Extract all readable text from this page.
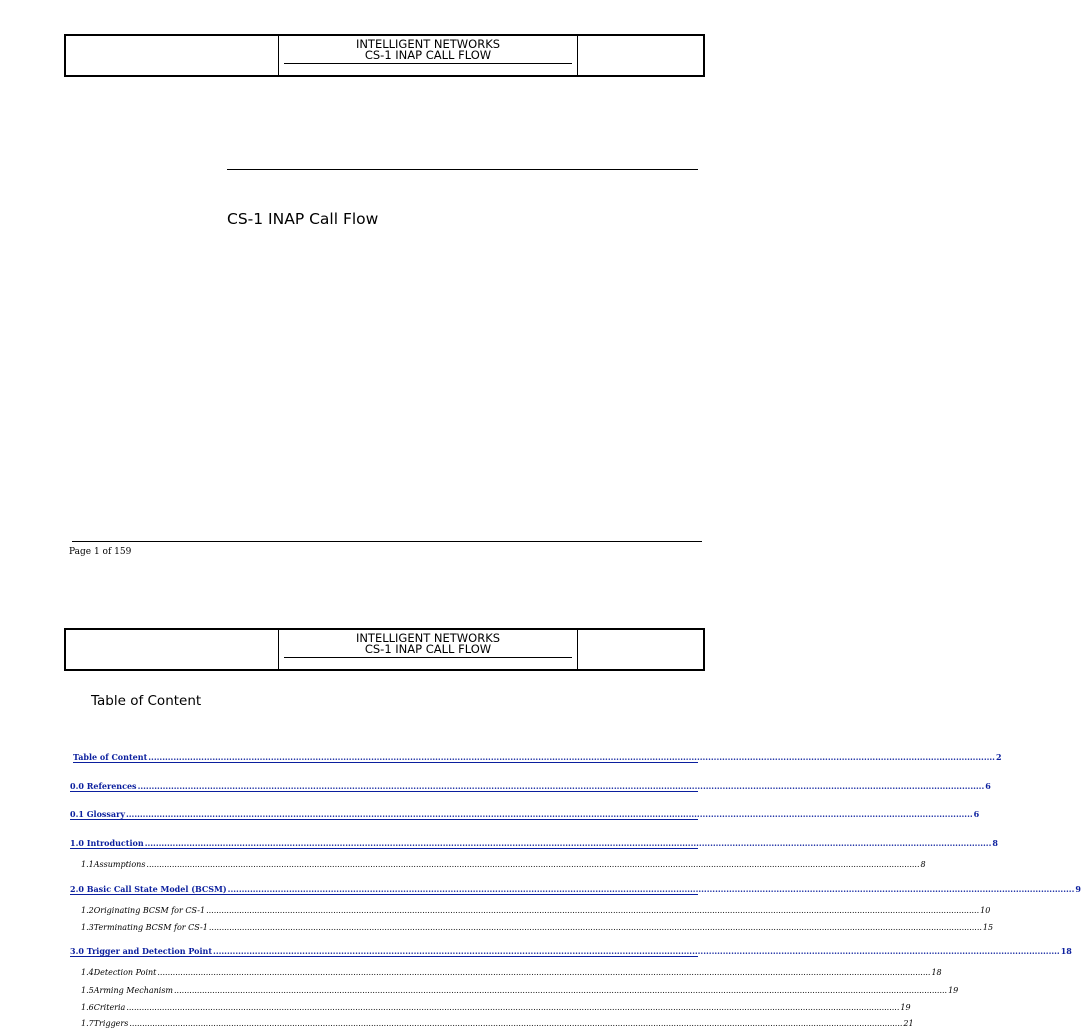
INTELLIGENT NETWORKS
CS-1 INAP CALL FLOW
CS-1 INAP Call Flow
Page 1 of 159
INTELLIGENT NETWORKS
CS-1 INAP CALL FLOW
Table of Content
Table of Content ................................................................................................................................................................................................................................................................................................................ 2
0.0 References ................................................................................................................................................................................................................................................................................................................ 6
0.1 Glossary ................................................................................................................................................................................................................................................................................................................ 6
1.0 Introduction ................................................................................................................................................................................................................................................................................................................ 8
1.1Assumptions ................................................................................................................................................................................................................................................................................................................ 8
2.0 Basic Call State Model (BCSM) ................................................................................................................................................................................................................................................................................................................ 9
1.2Originating BCSM for CS-1 ................................................................................................................................................................................................................................................................................................................ 10
1.3Terminating BCSM for CS-1 ................................................................................................................................................................................................................................................................................................................ 15
3.0 Trigger and Detection Point ................................................................................................................................................................................................................................................................................................................ 18
1.4Detection Point ................................................................................................................................................................................................................................................................................................................ 18
1.5Arming Mechanism ................................................................................................................................................................................................................................................................................................................ 19
1.6Criteria ................................................................................................................................................................................................................................................................................................................ 19
1.7Triggers ................................................................................................................................................................................................................................................................................................................ 21
